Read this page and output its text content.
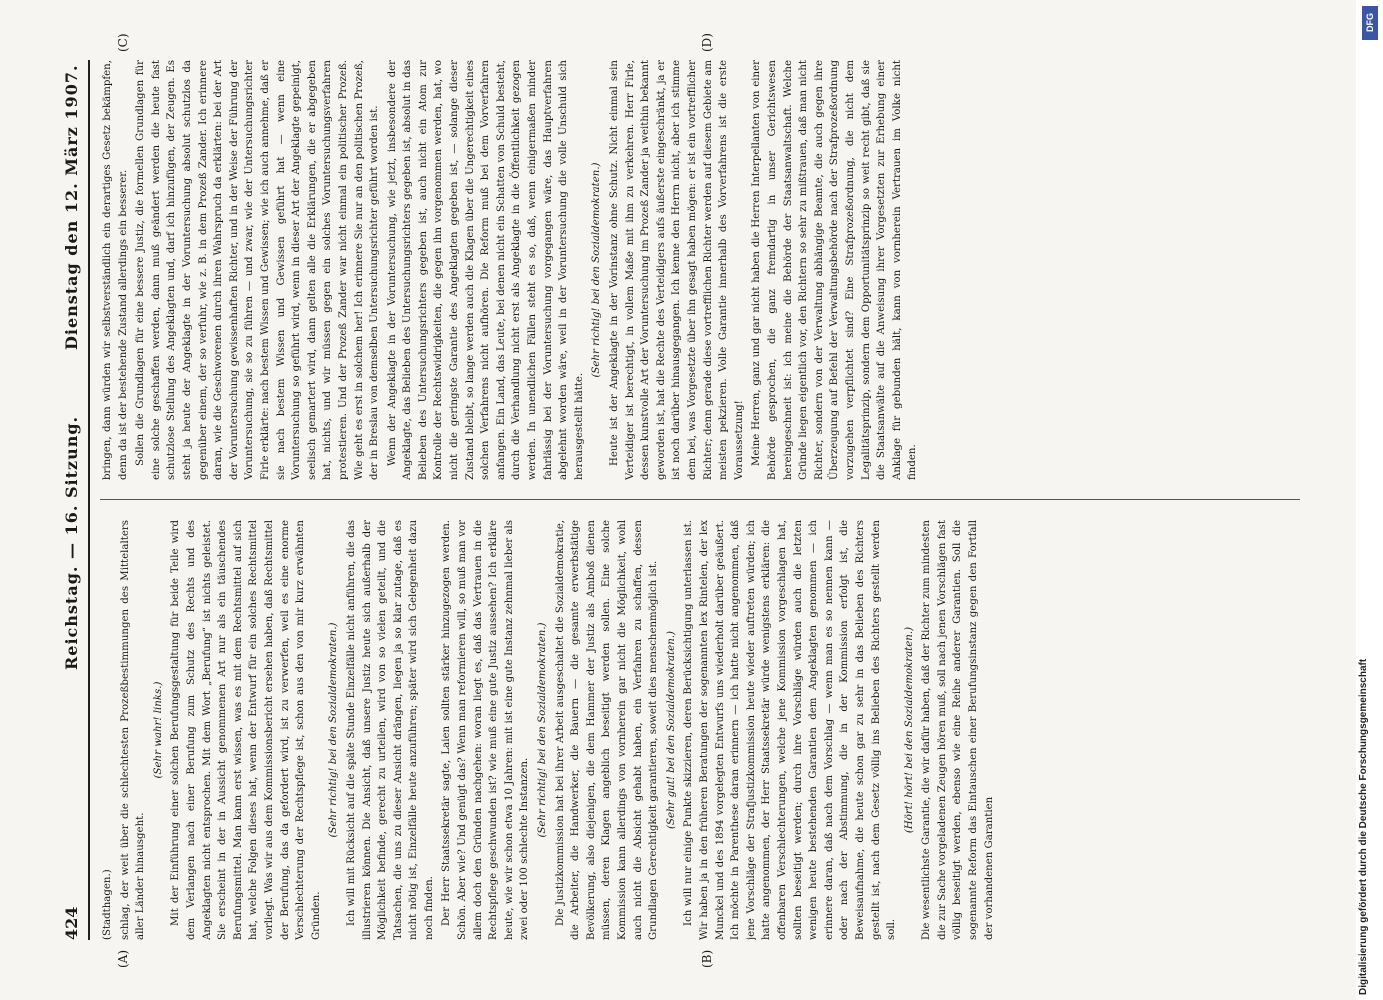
424
Reichstag. — 16. Sitzung.
Dienstag den 12. März 1907.
(A)	(B)
(C)	(D)

(Stadthagen.) schlag, der weit über die schlechtesten Prozeßbestimmungen des Mittelalters aller Länder hinausgeht.

(Sehr wahr! links.) Mit der Einführung einer solchen Berufungsgestaltung für beide Teile wird dem Verlangen nach einer Berufung zum Schutz des Rechts und des Angeklagten nicht entsprochen. Mit dem Wort „Berufung“ ist nichts geleistet. Sie erscheint in der in Aussicht genommenen Art nur als ein täuschendes Berufungsmittel. Man kann erst wissen, was es mit dem Rechtsmittel auf sich hat, welche Folgen dieses hat, wenn der Entwurf für ein solches Rechtsmittel vorliegt. Was wir aus dem Kommissionsbericht ersehen haben, daß Rechtsmittel der Berufung, das da gefordert wird, ist zu verwerfen, weil es eine enorme Verschlechterung der Rechtspflege ist, schon aus den von mir kurz erwähnten Gründen.

(Sehr richtig! bei den Sozialdemokraten.) Ich will mit Rücksicht auf die späte Stunde Einzelfälle nicht anführen, die das illustrieren können. Die Ansicht, daß unsere Justiz heute sich außerhalb der Möglichkeit befinde, gerecht zu urteilen, wird von so vielen geteilt, und die Tatsachen, die uns zu dieser Ansicht drängen, liegen ja so klar zutage, daß es nicht nötig ist, Einzelfälle heute anzuführen; später wird sich Gelegenheit dazu noch finden. Der Herr Staatssekretär sagte, Laien sollten stärker hinzugezogen werden. Schön. Aber wie? Und genügt das? Wenn man reformieren will, so muß man vor allem doch den Gründen nachgehen: woran liegt es, daß das Vertrauen in die Rechtspflege geschwunden ist? wie muß eine gute Justiz aussehen? Ich erkläre heute, wie wir schon etwa 10 Jahren: mit ist eine gute Instanz zehnmal lieber als zwei oder 100 schlechte Instanzen.

(Sehr richtig! bei den Sozialdemokraten.) Die Justizkommission hat bei ihrer Arbeit ausgeschaltet die Sozialdemokratie, die Arbeiter, die Handwerker, die Bauern — die gesamte erwerbstätige Bevölkerung, also diejenigen, die dem Hammer der Justiz als Amboß dienen müssen, deren Klagen angeblich beseitigt werden sollen. Eine solche Kommission kann allerdings von vornherein gar nicht die Möglichkeit, wohl auch nicht die Absicht gehabt haben, ein Verfahren zu schaffen, dessen Grundlagen Gerechtigkeit garantieren, soweit dies menschenmöglich ist. (Sehr gut! bei den Sozialdemokraten.) Ich will nur einige Punkte skizzieren, deren Berücksichtigung unterlassen ist. Wir haben ja in den früheren Beratungen der sogenannten lex Rintelen, der lex Munckel und des 1894 vorgelegten Entwurfs uns wiederholt darüber geäußert. Ich möchte in Parenthese daran erinnern — ich hatte nicht angenommen, daß jene Vorschläge der Strafjustizkommission heute wieder auftreten würden; ich hatte angenommen, der Herr Staatssekretär würde wenigstens erklären: die offenbaren Verschlechterungen, welche jene Kommission vorgeschlagen hat, sollten beseitigt werden; durch ihre Vorschläge würden auch die letzten wenigen heute bestehenden Garantien dem Angeklagten genommen — ich erinnere daran, daß nach dem Vorschlag — wenn man es so nennen kann — oder nach der Abstimmung, die in der Kommission erfolgt ist, die Beweisaufnahme, die heute schon gar zu sehr in das Belieben des Richters gestellt ist, nach dem Gesetz völlig ins Belieben des Richters gestellt werden soll.

(Hört! hört! bei den Sozialdemokraten.) Die wesentlichste Garantie, die wir dafür haben, daß der Richter zum mindesten die zur Sache vorgeladenen Zeugen hören muß, soll nach jenen Vorschlägen fast völlig beseitigt werden, ebenso wie eine Reihe anderer Garantien. Soll die sogenannte Reform das Eintauschen einer Berufungsinstanz gegen den Fortfall der vorhandenen Garantien

bringen, dann würden wir selbstverständlich ein derartiges Gesetz bekämpfen, denn da ist der bestehende Zustand allerdings ein besserer. Sollen die Grundlagen für eine bessere Justiz, die formellen Grundlagen für eine solche geschaffen werden, dann muß geändert werden die heute fast schutzlose Stellung des Angeklagten und, darf ich hinzufügen, der Zeugen. Es steht ja heute der Angeklagte in der Voruntersuchung absolut schutzlos da gegenüber einem, der so verfuhr, wie z. B. in dem Prozeß Zander. Ich erinnere daran, wie die Geschworenen durch ihren Wahrspruch da erklärten: bei der Art der Voruntersuchung gewissenhaften Richter, und in der Weise der Führung der Voruntersuchung, sie so zu führen — und zwar, wie der Untersuchungsrichter Firle erklärte: nach bestem Wissen und Gewissen; wie ich auch annehme, daß er sie nach bestem Wissen und Gewissen geführt hat — wenn eine Voruntersuchung so geführt wird, wenn in dieser Art der Angeklagte gepeinigt, seelisch gemartert wird, dann gelten alle die Erklärungen, die er abgegeben hat, nichts, und wir müssen gegen ein solches Voruntersuchungsverfahren protestieren. Und der Prozeß Zander war nicht einmal ein politischer Prozeß. Wie geht es erst in solchem her! Ich erinnere Sie nur an den politischen Prozeß, der in Breslau von demselben Untersuchungsrichter geführt worden ist. Wenn der Angeklagte in der Voruntersuchung, wie jetzt, insbesondere der Angeklagte, das Belieben des Untersuchungsrichters gegeben ist, absolut in das Belieben des Untersuchungsrichters gegeben ist, auch nicht ein Atom zur Kontrolle der Rechtswidrigkeiten, die gegen ihn vorgenommen werden, hat, wo nicht die geringste Garantie des Angeklagten gegeben ist, — solange dieser Zustand bleibt, so lange werden auch die Klagen über die Ungerechtigkeit eines solchen Verfahrens nicht aufhören. Die Reform muß bei dem Vorverfahren anfangen. Ein Land, das Leute, bei denen nicht ein Schatten von Schuld besteht, durch die Verhandlung nicht erst als Angeklagte in die Öffentlichkeit gezogen werden. In unendlichen Fällen steht es so, daß, wenn einigermaßen minder fahrlässig bei der Voruntersuchung vorgegangen wäre, das Hauptverfahren abgelehnt worden wäre, weil in der Voruntersuchung die volle Unschuld sich herausgestellt hätte.

(Sehr richtig! bei den Sozialdemokraten.) Heute ist der Angeklagte in der Vorinstanz ohne Schutz. Nicht einmal sein Verteidiger ist berechtigt, in vollem Maße mit ihm zu verkehren. Herr Firle, dessen kunstvolle Art der Voruntersuchung im Prozeß Zander ja weithin bekannt geworden ist, hat die Rechte des Verteidigers aufs äußerste eingeschränkt, ja er ist noch darüber hinausgegangen. Ich kenne den Herrn nicht, aber ich stimme dem bei, was Vorgesetzte über ihn gesagt haben mögen: er ist ein vortrefflicher Richter; denn gerade diese vortrefflichen Richter werden auf diesem Gebiete am meisten pekzieren. Volle Garantie innerhalb des Vorverfahrens ist die erste Voraussetzung! Meine Herren, ganz und gar nicht haben die Herren Interpellanten von einer Behörde gesprochen, die ganz fremdartig in unser Gerichtswesen hereingeschneit ist: ich meine die Behörde der Staatsanwaltschaft. Welche Gründe liegen eigentlich vor, den Richtern so sehr zu mißtrauen, daß man nicht Richter, sondern von der Verwaltung abhängige Beamte, die auch gegen ihre Überzeugung auf Befehl der Verwaltungsbehörde nach der Strafprozeßordnung vorzugehen verpflichtet sind? Eine Strafprozeßordnung, die nicht dem Legalitätsprinzip, sondern dem Opportunitätsprinzip so weit recht gibt, daß sie die Staatsanwälte auf die Anweisung ihrer Vorgesetzten zur Erhebung einer Anklage für gebunden hält, kann von vornherein Vertrauen im Volke nicht finden.

Digitalisierung gefördert durch die Deutsche Forschungsgemeinschaft
DFG
